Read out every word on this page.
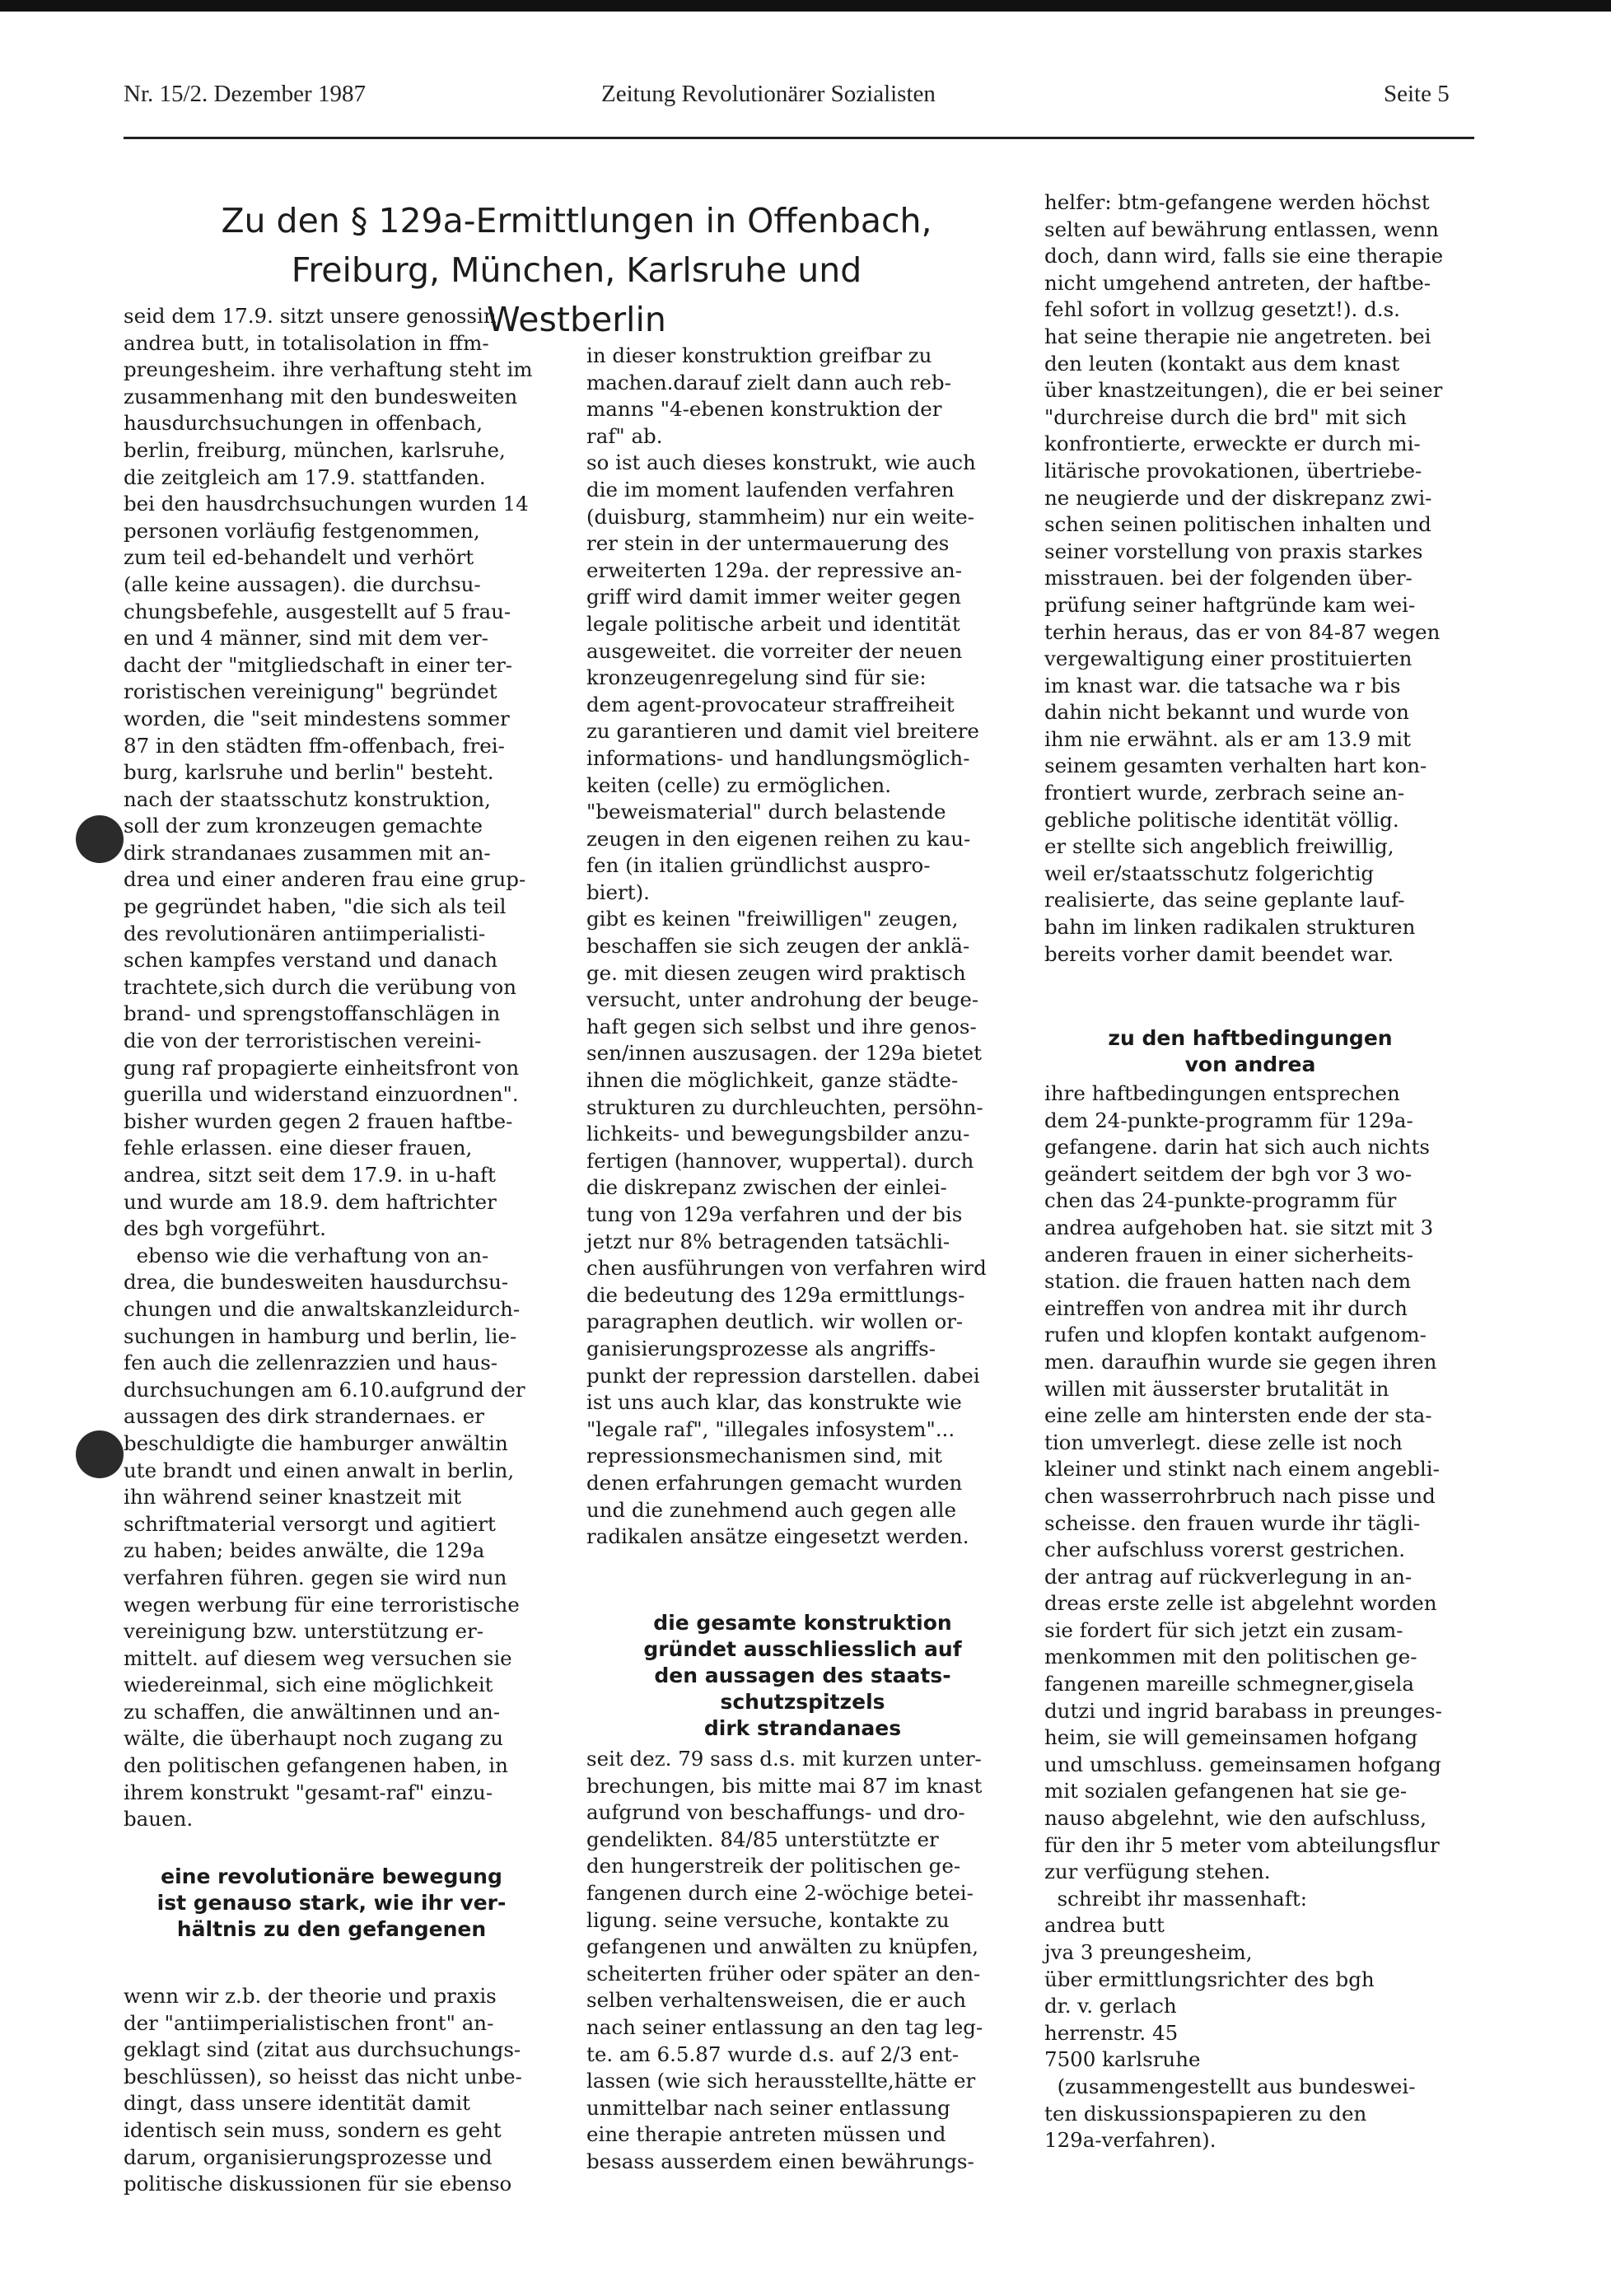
Nr. 15/2. Dezember 1987	Zeitung Revolutionärer Sozialisten	Seite 5
Zu den § 129a-Ermittlungen in Offenbach,
Freiburg, München, Karlsruhe und Westberlin
seid dem 17.9. sitzt unsere genossin
andrea butt, in totalisolation in ffm-
preungesheim. ihre verhaftung steht im
zusammenhang mit den bundesweiten
hausdurchsuchungen in offenbach,
berlin, freiburg, münchen, karlsruhe,
die zeitgleich am 17.9. stattfanden.
bei den hausdrchsuchungen wurden 14
personen vorläufig festgenommen,
zum teil ed-behandelt und verhört
(alle keine aussagen). die durchsu-
chungsbefehle, ausgestellt auf 5 frau-
en und 4 männer, sind mit dem ver-
dacht der "mitgliedschaft in einer ter-
roristischen vereinigung" begründet
worden, die "seit mindestens sommer
87 in den städten ffm-offenbach, frei-
burg, karlsruhe und berlin" besteht.
nach der staatsschutz konstruktion,
soll der zum kronzeugen gemachte
dirk strandanaes zusammen mit an-
drea und einer anderen frau eine grup-
pe gegründet haben, "die sich als teil
des revolutionären antiimperialisti-
schen kampfes verstand und danach
trachtete,sich durch die verübung von
brand- und sprengstoffanschlägen in
die von der terroristischen vereini-
gung raf propagierte einheitsfront von
guerilla und widerstand einzuordnen".
bisher wurden gegen 2 frauen haftbe-
fehle erlassen. eine dieser frauen,
andrea, sitzt seit dem 17.9. in u-haft
und wurde am 18.9. dem haftrichter
des bgh vorgeführt.
ebenso wie die verhaftung von an-
drea, die bundesweiten hausdurchsu-
chungen und die anwaltskanzleidurch-
suchungen in hamburg und berlin, lie-
fen auch die zellenrazzien und haus-
durchsuchungen am 6.10.aufgrund der
aussagen des dirk strandernaes. er
beschuldigte die hamburger anwältin
ute brandt und einen anwalt in berlin,
ihn während seiner knastzeit mit
schriftmaterial versorgt und agitiert
zu haben; beides anwälte, die 129a
verfahren führen. gegen sie wird nun
wegen werbung für eine terroristische
vereinigung bzw. unterstützung er-
mittelt. auf diesem weg versuchen sie
wiedereinmal, sich eine möglichkeit
zu schaffen, die anwältinnen und an-
wälte, die überhaupt noch zugang zu
den politischen gefangenen haben, in
ihrem konstrukt "gesamt-raf" einzu-
bauen.
eine revolutionäre bewegung
ist genauso stark, wie ihr ver-
hältnis zu den gefangenen
wenn wir z.b. der theorie und praxis
der "antiimperialistischen front" an-
geklagt sind (zitat aus durchsuchungs-
beschlüssen), so heisst das nicht unbe-
dingt, dass unsere identität damit
identisch sein muss, sondern es geht
darum, organisierungsprozesse und
politische diskussionen für sie ebenso
in dieser konstruktion greifbar zu
machen.darauf zielt dann auch reb-
manns "4-ebenen konstruktion der
raf" ab.
so ist auch dieses konstrukt, wie auch
die im moment laufenden verfahren
(duisburg, stammheim) nur ein weite-
rer stein in der untermauerung des
erweiterten 129a. der repressive an-
griff wird damit immer weiter gegen
legale politische arbeit und identität
ausgeweitet. die vorreiter der neuen
kronzeugenregelung sind für sie:
dem agent-provocateur straffreiheit
zu garantieren und damit viel breitere
informations- und handlungsmöglich-
keiten (celle) zu ermöglichen.
"beweismaterial" durch belastende
zeugen in den eigenen reihen zu kau-
fen (in italien gründlichst auspro-
biert).
gibt es keinen "freiwilligen" zeugen,
beschaffen sie sich zeugen der anklä-
ge. mit diesen zeugen wird praktisch
versucht, unter androhung der beuge-
haft gegen sich selbst und ihre genos-
sen/innen auszusagen. der 129a bietet
ihnen die möglichkeit, ganze städte-
strukturen zu durchleuchten, persöhn-
lichkeits- und bewegungsbilder anzu-
fertigen (hannover, wuppertal). durch
die diskrepanz zwischen der einlei-
tung von 129a verfahren und der bis
jetzt nur 8% betragenden tatsächli-
chen ausführungen von verfahren wird
die bedeutung des 129a ermittlungs-
paragraphen deutlich. wir wollen or-
ganisierungsprozesse als angriffs-
punkt der repression darstellen. dabei
ist uns auch klar, das konstrukte wie
"legale raf", "illegales infosystem"...
repressionsmechanismen sind, mit
denen erfahrungen gemacht wurden
und die zunehmend auch gegen alle
radikalen ansätze eingesetzt werden.
die gesamte konstruktion
gründet ausschliesslich auf
den aussagen des staats-
schutzspitzels
dirk strandanaes
seit dez. 79 sass d.s. mit kurzen unter-
brechungen, bis mitte mai 87 im knast
aufgrund von beschaffungs- und dro-
gendelikten. 84/85 unterstützte er
den hungerstreik der politischen ge-
fangenen durch eine 2-wöchige betei-
ligung. seine versuche, kontakte zu
gefangenen und anwälten zu knüpfen,
scheiterten früher oder später an den-
selben verhaltensweisen, die er auch
nach seiner entlassung an den tag leg-
te. am 6.5.87 wurde d.s. auf 2/3 ent-
lassen (wie sich herausstellte,hätte er
unmittelbar nach seiner entlassung
eine therapie antreten müssen und
besass ausserdem einen bewährungs-
helfer: btm-gefangene werden höchst
selten auf bewährung entlassen, wenn
doch, dann wird, falls sie eine therapie
nicht umgehend antreten, der haftbe-
fehl sofort in vollzug gesetzt!). d.s.
hat seine therapie nie angetreten. bei
den leuten (kontakt aus dem knast
über knastzeitungen), die er bei seiner
"durchreise durch die brd" mit sich
konfrontierte, erweckte er durch mi-
litärische provokationen, übertriebe-
ne neugierde und der diskrepanz zwi-
schen seinen politischen inhalten und
seiner vorstellung von praxis starkes
misstrauen. bei der folgenden über-
prüfung seiner haftgründe kam wei-
terhin heraus, das er von 84-87 wegen
vergewaltigung einer prostituierten
im knast war. die tatsache wa r bis
dahin nicht bekannt und wurde von
ihm nie erwähnt. als er am 13.9 mit
seinem gesamten verhalten hart kon-
frontiert wurde, zerbrach seine an-
gebliche politische identität völlig.
er stellte sich angeblich freiwillig,
weil er/staatsschutz folgerichtig
realisierte, das seine geplante lauf-
bahn im linken radikalen strukturen
bereits vorher damit beendet war.
zu den haftbedingungen
von andrea
ihre haftbedingungen entsprechen
dem 24-punkte-programm für 129a-
gefangene. darin hat sich auch nichts
geändert seitdem der bgh vor 3 wo-
chen das 24-punkte-programm für
andrea aufgehoben hat. sie sitzt mit 3
anderen frauen in einer sicherheits-
station. die frauen hatten nach dem
eintreffen von andrea mit ihr durch
rufen und klopfen kontakt aufgenom-
men. daraufhin wurde sie gegen ihren
willen mit äusserster brutalität in
eine zelle am hintersten ende der sta-
tion umverlegt. diese zelle ist noch
kleiner und stinkt nach einem angebli-
chen wasserrohrbruch nach pisse und
scheisse. den frauen wurde ihr tägli-
cher aufschluss vorerst gestrichen.
der antrag auf rückverlegung in an-
dreas erste zelle ist abgelehnt worden
sie fordert für sich jetzt ein zusam-
menkommen mit den politischen ge-
fangenen mareille schmegner,gisela
dutzi und ingrid barabass in preunges-
heim, sie will gemeinsamen hofgang
und umschluss. gemeinsamen hofgang
mit sozialen gefangenen hat sie ge-
nauso abgelehnt, wie den aufschluss,
für den ihr 5 meter vom abteilungsflur
zur verfügung stehen.
schreibt ihr massenhaft:
andrea butt
jva 3 preungesheim,
über ermittlungsrichter des bgh
dr. v. gerlach
herrenstr. 45
7500 karlsruhe
(zusammengestellt aus bundeswei-
ten diskussionspapieren zu den
129a-verfahren).
